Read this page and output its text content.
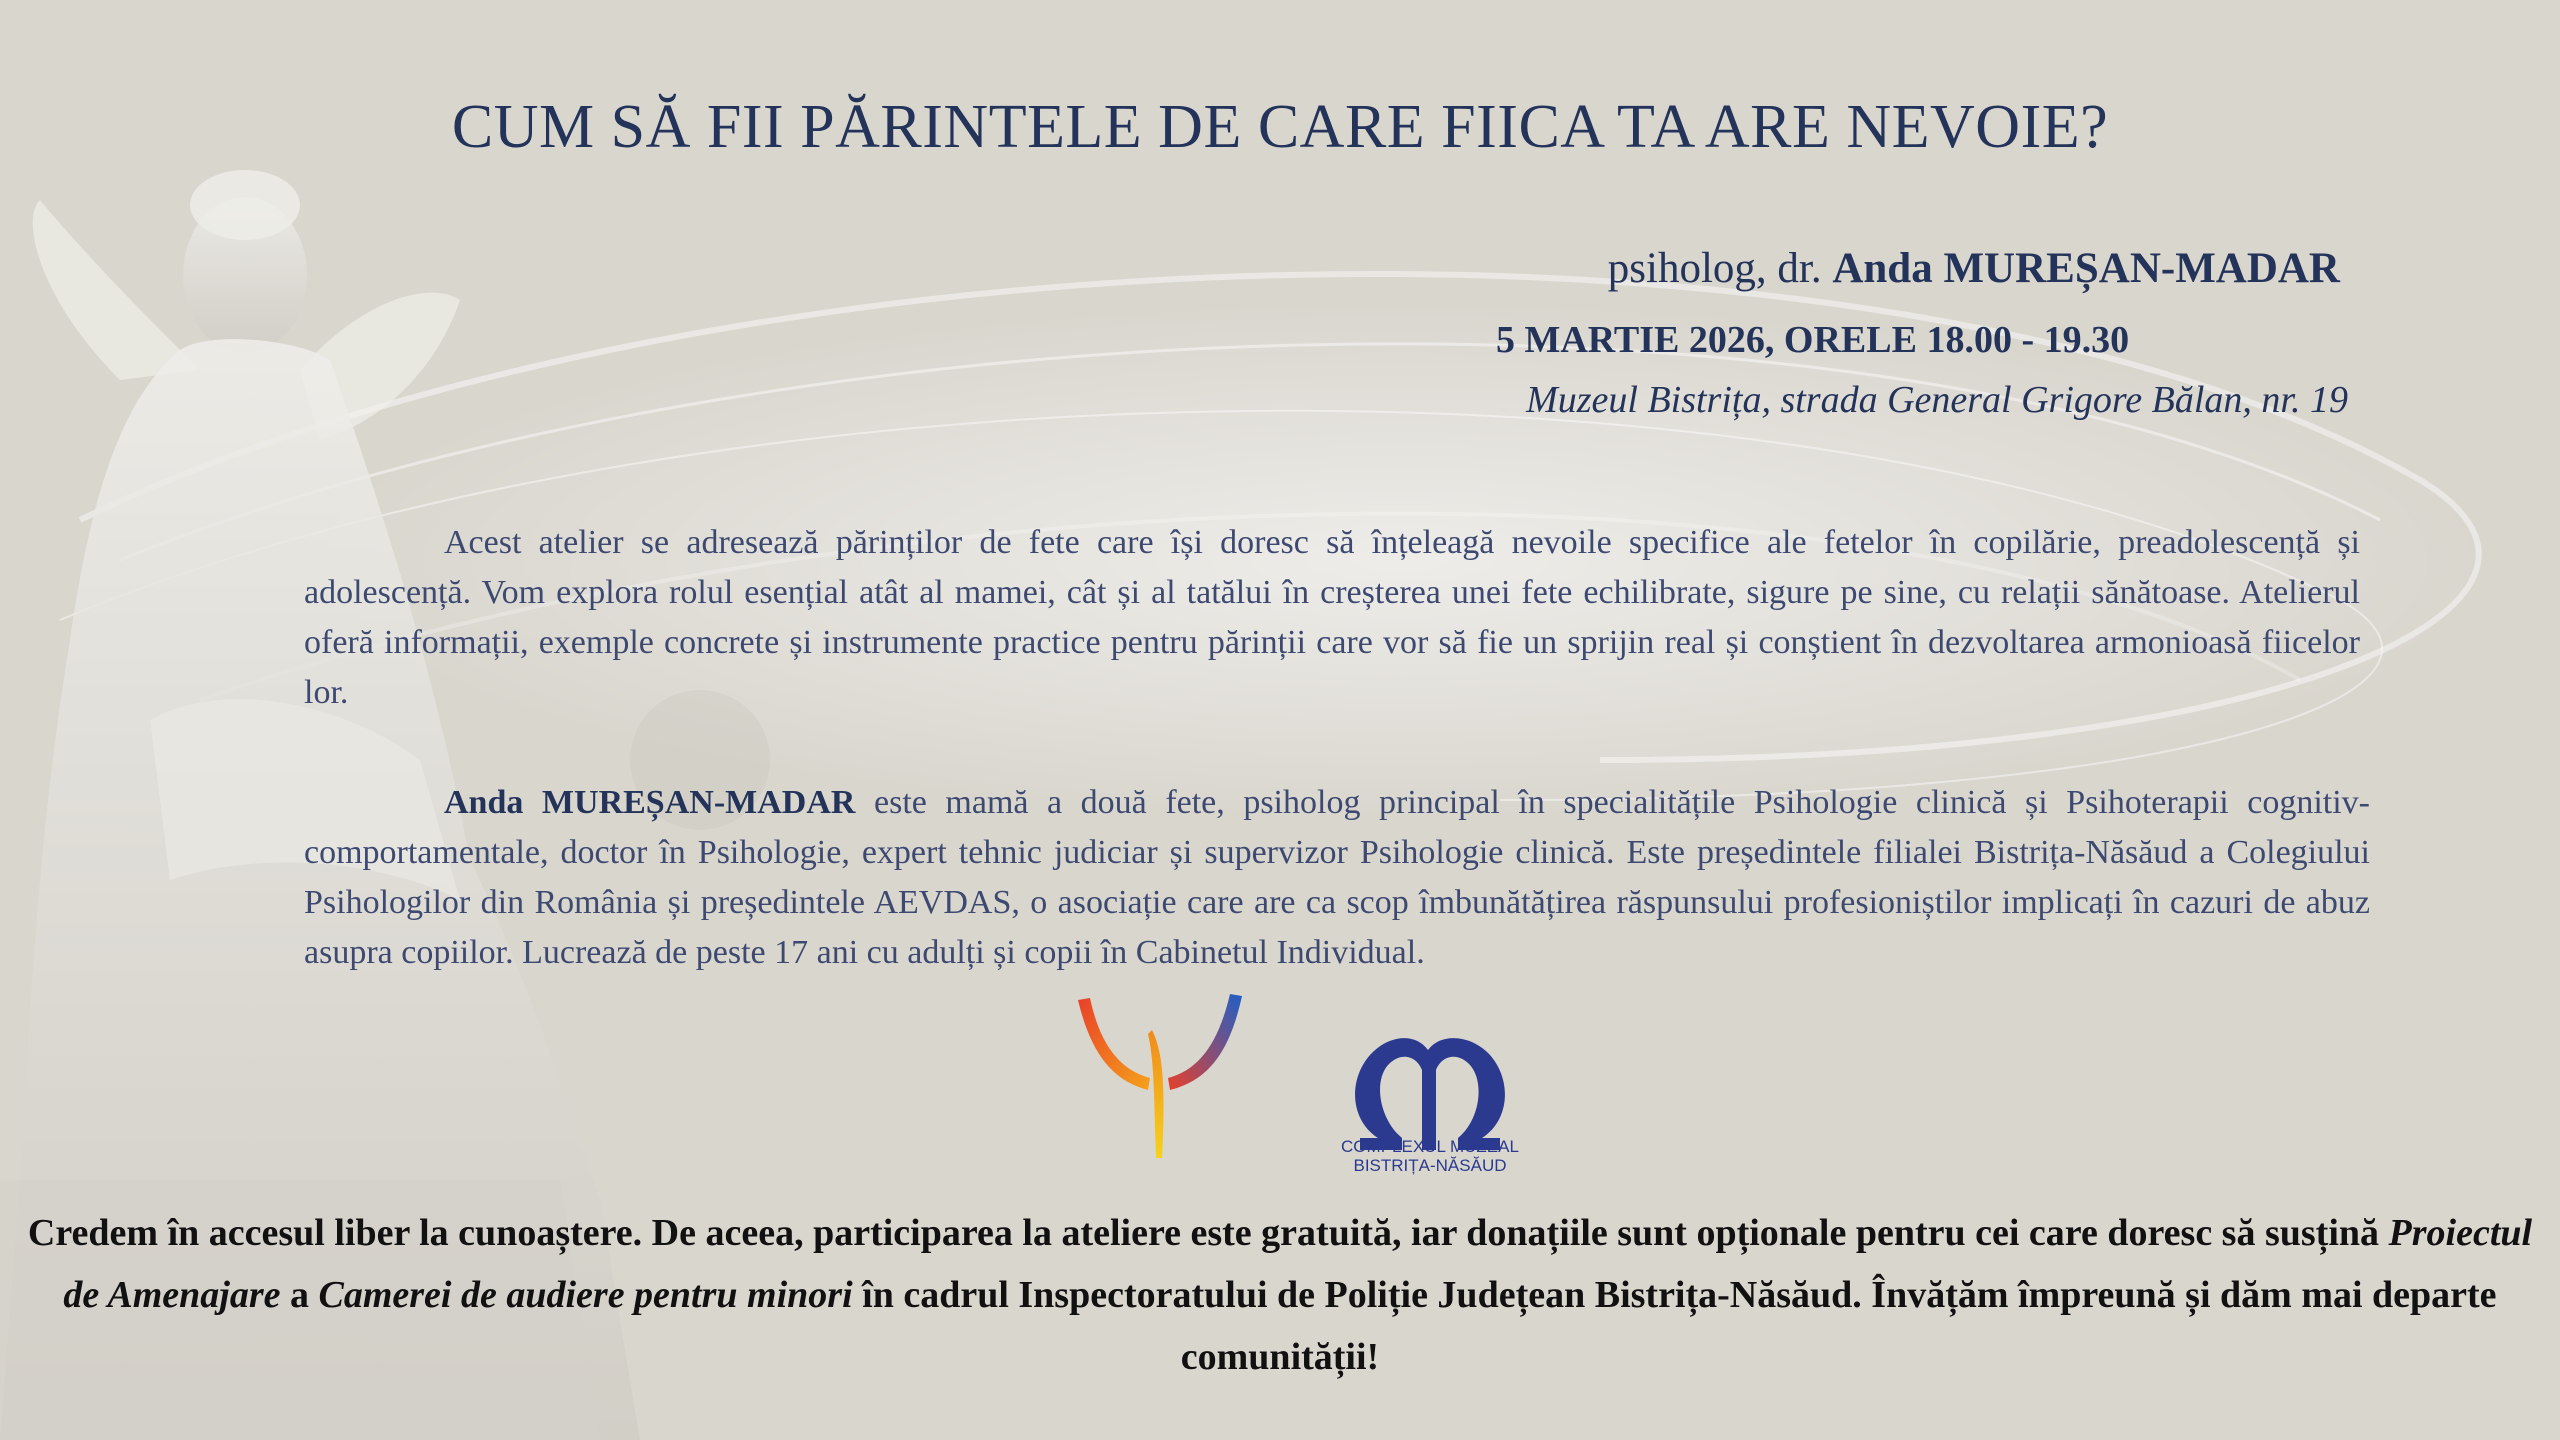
CUM SĂ FII PĂRINTELE DE CARE FIICA TA ARE NEVOIE?
psiholog, dr. Anda MUREȘAN-MADAR
5 MARTIE 2026, ORELE 18.00 - 19.30
Muzeul Bistrița, strada General Grigore Bălan, nr. 19

Acest atelier se adresează părinților de fete care își doresc să înțeleagă nevoile specifice ale fetelor în copilărie, preadolescență și adolescență. Vom explora rolul esențial atât al mamei, cât și al tatălui în creșterea unei fete echilibrate, sigure pe sine, cu relații sănătoase. Atelierul oferă informații, exemple concrete și instrumente practice pentru părinții care vor să fie un sprijin real și conștient în dezvoltarea armonioasă fiicelor lor.

Anda MUREȘAN-MADAR este mamă a două fete, psiholog principal în specialitățile Psihologie clinică și Psihoterapii cognitiv-comportamentale, doctor în Psihologie, expert tehnic judiciar și supervizor Psihologie clinică. Este președintele filialei Bistrița-Năsăud a Colegiului Psihologilor din România și președintele AEVDAS, o asociație care are ca scop îmbunătățirea răspunsului profesioniștilor implicați în cazuri de abuz asupra copiilor. Lucrează de peste 17 ani cu adulți și copii în Cabinetul Individual.

COMPLEXUL MUZEAL
BISTRIȚA-NĂSĂUD
Credem în accesul liber la cunoaștere. De aceea, participarea la ateliere este gratuită, iar donațiile sunt opționale pentru cei care doresc să susțină Proiectul de Amenajare a Camerei de audiere pentru minori în cadrul Inspectoratului de Poliție Județean Bistrița-Năsăud. Învățăm împreună și dăm mai departe comunității!
